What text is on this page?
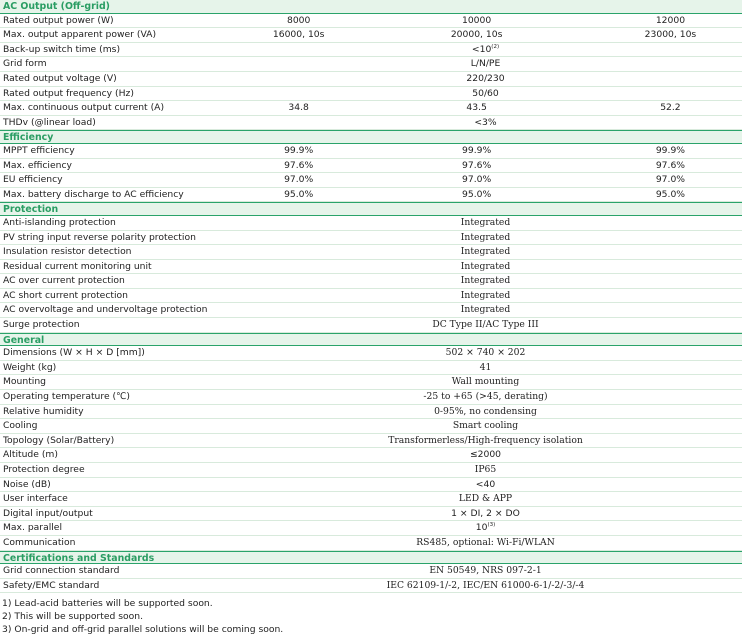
AC Output (Off-grid)
Rated output power (W)	8000	10000	12000
Max. output apparent power (VA)	16000, 10s	20000, 10s	23000, 10s
Back-up switch time (ms)	$<10^{(2)}$
Grid form	L/N/PE
Rated output voltage (V)	220/230
Rated output frequency (Hz)	50/60
Max. continuous output current (A)	34.8	43.5	52.2
THDv (@linear load)	<3%
Efficiency
MPPT efficiency	99.9%	99.9%	99.9%
Max. efficiency	97.6%	97.6%	97.6%
EU efficiency	97.0%	97.0%	97.0%
Max. battery discharge to AC efficiency	95.0%	95.0%	95.0%
Protection
Anti-islanding protection	Integrated
PV string input reverse polarity protection	Integrated
Insulation resistor detection	Integrated
Residual current monitoring unit	Integrated
AC over current protection	Integrated
AC short current protection	Integrated
AC overvoltage and undervoltage protection	Integrated
Surge protection	DC Type II/AC Type III
General
Dimensions (W × H × D [mm])	502 × 740 × 202
Weight (kg)	41
Mounting	Wall mounting
Operating temperature (℃)	-25 to +65 (>45, derating)
Relative humidity	0-95%, no condensing
Cooling	Smart cooling
Topology (Solar/Battery)	Transformerless/High-frequency isolation
Altitude (m)	≤2000
Protection degree	IP65
Noise (dB)	<40
User interface	LED & APP
Digital input/output	1 × DI, 2 × DO
Max. parallel	10$^{(3)}$
Communication	RS485, optional: Wi-Fi/WLAN
Certifications and Standards
Grid connection standard	EN 50549, NRS 097-2-1
Safety/EMC standard	IEC 62109-1/-2, IEC/EN 61000-6-1/-2/-3/-4
1) Lead-acid batteries will be supported soon.
2) This will be supported soon.
3) On-grid and off-grid parallel solutions will be coming soon.
